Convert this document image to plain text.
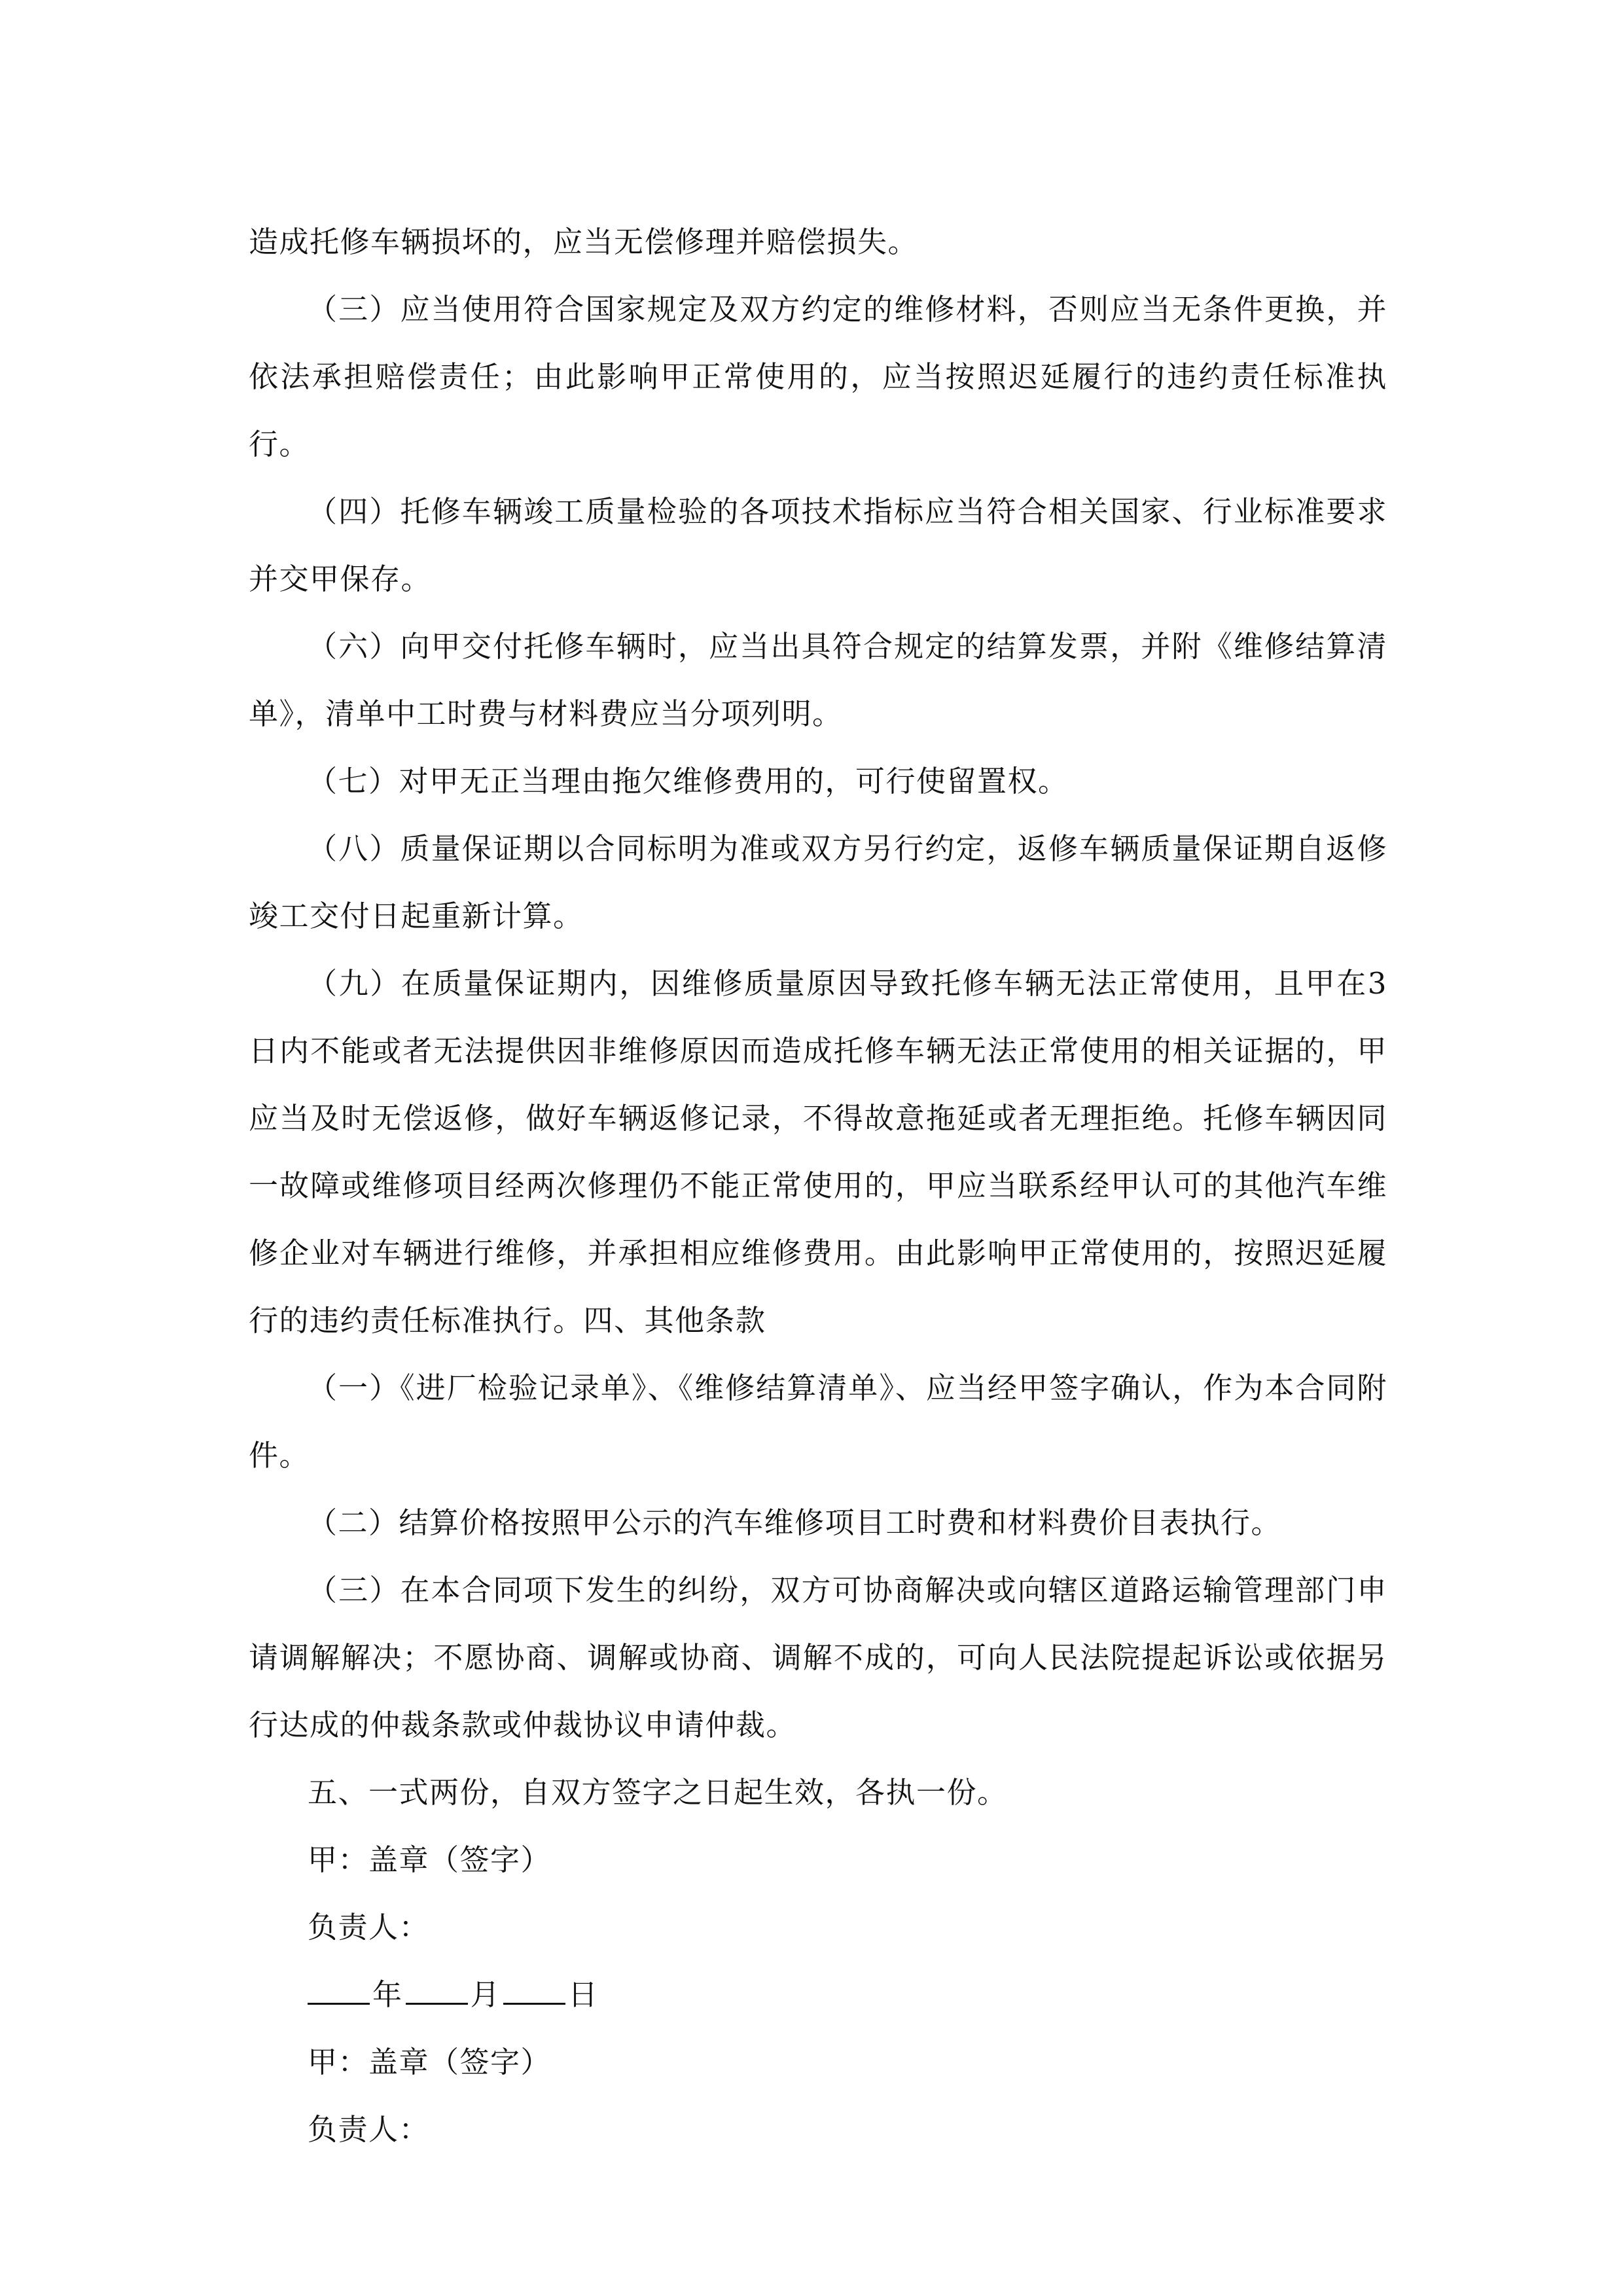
造成托修车辆损坏的，应当无偿修理并赔偿损失。

（三）应当使用符合国家规定及双方约定的维修材料，否则应当无条件更换，并依法承担赔偿责任；由此影响甲正常使用的，应当按照迟延履行的违约责任标准执行。

（四）托修车辆竣工质量检验的各项技术指标应当符合相关国家、行业标准要求并交甲保存。

（六）向甲交付托修车辆时，应当出具符合规定的结算发票，并附《维修结算清单》，清单中工时费与材料费应当分项列明。

（七）对甲无正当理由拖欠维修费用的，可行使留置权。

（八）质量保证期以合同标明为准或双方另行约定，返修车辆质量保证期自返修竣工交付日起重新计算。

（九）在质量保证期内，因维修质量原因导致托修车辆无法正常使用，且甲在3日内不能或者无法提供因非维修原因而造成托修车辆无法正常使用的相关证据的，甲应当及时无偿返修，做好车辆返修记录，不得故意拖延或者无理拒绝。托修车辆因同一故障或维修项目经两次修理仍不能正常使用的，甲应当联系经甲认可的其他汽车维修企业对车辆进行维修，并承担相应维修费用。由此影响甲正常使用的，按照迟延履行的违约责任标准执行。四、其他条款

（一）《进厂检验记录单》、《维修结算清单》、应当经甲签字确认，作为本合同附件。

（二）结算价格按照甲公示的汽车维修项目工时费和材料费价目表执行。

（三）在本合同项下发生的纠纷，双方可协商解决或向辖区道路运输管理部门申请调解解决；不愿协商、调解或协商、调解不成的，可向人民法院提起诉讼或依据另行达成的仲裁条款或仲裁协议申请仲裁。

五、一式两份，自双方签字之日起生效，各执一份。

甲：盖章（签字）

负责人：

年 月 日

甲：盖章（签字）

负责人：
